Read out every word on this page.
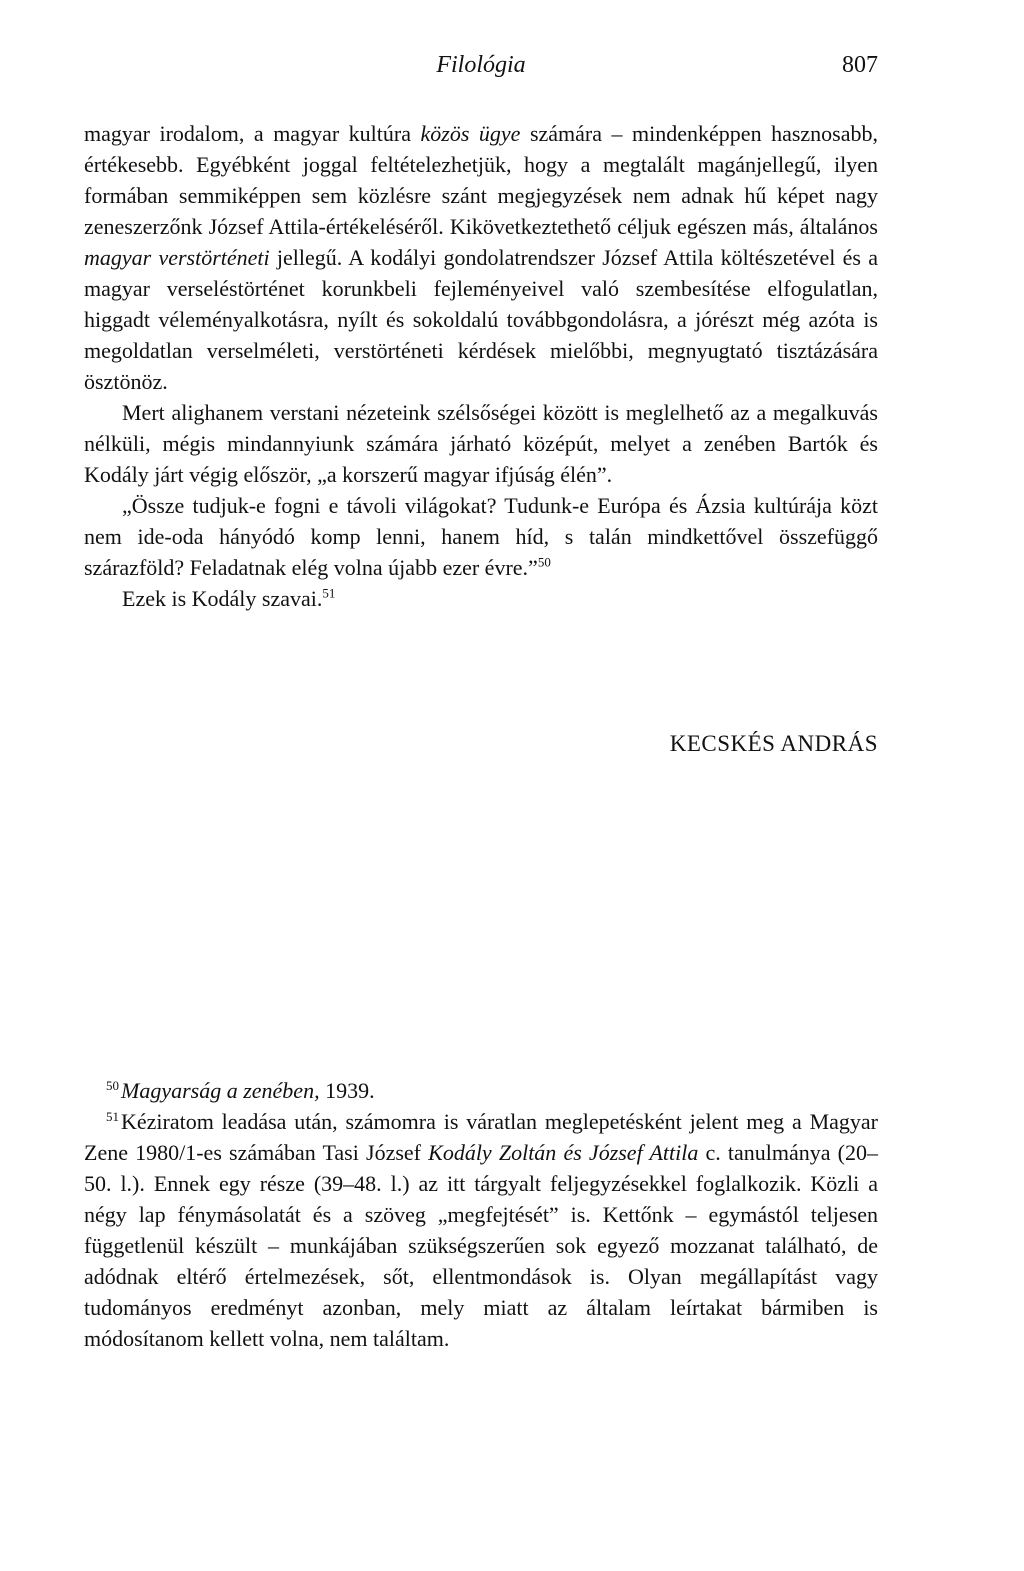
Filológia	807

magyar irodalom, a magyar kultúra közös ügye számára – mindenképpen hasznosabb, értékesebb. Egyébként joggal feltételezhetjük, hogy a megtalált magánjellegű, ilyen formában semmiképpen sem közlésre szánt megjegyzések nem adnak hű képet nagy zeneszerzőnk József Attila-értékeléséről. Kikövetkeztethető céljuk egészen más, általános magyar verstörténeti jellegű. A kodályi gondolatrendszer József Attila költészetével és a magyar verseléstörténet korunkbeli fejleményeivel való szembesítése elfogulatlan, higgadt véleményalkotásra, nyílt és sokoldalú továbbgondolásra, a jórészt még azóta is megoldatlan verselméleti, verstörténeti kérdések mielőbbi, megnyugtató tisztázására ösztönöz.

Mert alighanem verstani nézeteink szélsőségei között is meglelhető az a megalkuvás nélküli, mégis mindannyiunk számára járható középút, melyet a zenében Bartók és Kodály járt végig először, „a korszerű magyar ifjúság élén”.

„Össze tudjuk-e fogni e távoli világokat? Tudunk-e Európa és Ázsia kultúrája közt nem ide-oda hányódó komp lenni, hanem híd, s talán mindkettővel összefüggő szárazföld? Feladatnak elég volna újabb ezer évre.”$^{50}$

Ezek is Kodály szavai.$^{51}$

KECSKÉS ANDRÁS

$^{50}$Magyarság a zenében, 1939.

$^{51}$Kéziratom leadása után, számomra is váratlan meglepetésként jelent meg a Magyar Zene 1980/1-es számában Tasi József Kodály Zoltán és József Attila c. tanulmánya (20–50. l.). Ennek egy része (39–48. l.) az itt tárgyalt feljegyzésekkel foglalkozik. Közli a négy lap fénymásolatát és a szöveg „megfejtését” is. Kettőnk – egymástól teljesen függetlenül készült – munkájában szükségszerűen sok egyező mozzanat található, de adódnak eltérő értelmezések, sőt, ellentmondások is. Olyan megállapítást vagy tudományos eredményt azonban, mely miatt az általam leírtakat bármiben is módosítanom kellett volna, nem találtam.
